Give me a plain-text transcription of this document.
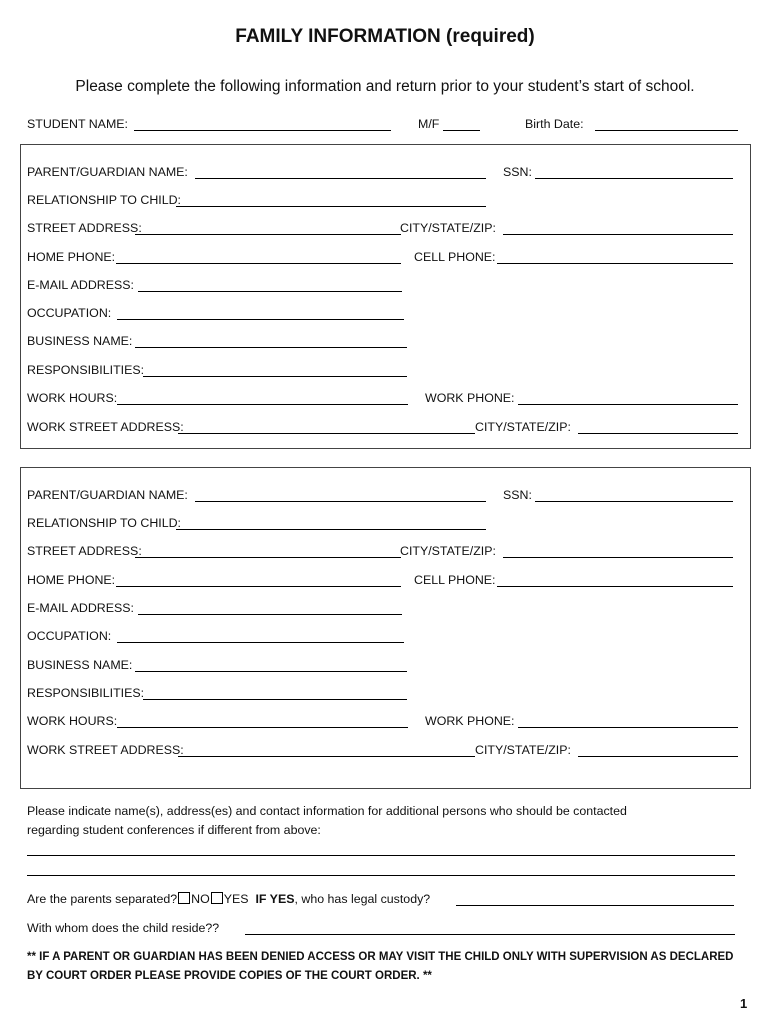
FAMILY INFORMATION (required)
Please complete the following information and return prior to your student’s start of school.
STUDENT NAME:	M/F	Birth Date:
PARENT/GUARDIAN NAME:	SSN:
RELATIONSHIP TO CHILD:
STREET ADDRESS:	CITY/STATE/ZIP:
HOME PHONE:	CELL PHONE:
E-MAIL ADDRESS:
OCCUPATION:
BUSINESS NAME:
RESPONSIBILITIES:
WORK HOURS:	WORK PHONE:
WORK STREET ADDRESS:	CITY/STATE/ZIP:
PARENT/GUARDIAN NAME:	SSN:
RELATIONSHIP TO CHILD:
STREET ADDRESS:	CITY/STATE/ZIP:
HOME PHONE:	CELL PHONE:
E-MAIL ADDRESS:
OCCUPATION:
BUSINESS NAME:
RESPONSIBILITIES:
WORK HOURS:	WORK PHONE:
WORK STREET ADDRESS:	CITY/STATE/ZIP:
Please indicate name(s), address(es) and contact information for additional persons who should be contacted
regarding student conferences if different from above:
Are the parents separated? NO YES IF YES, who has legal custody?
With whom does the child reside??
** IF A PARENT OR GUARDIAN HAS BEEN DENIED ACCESS OR MAY VISIT THE CHILD ONLY WITH SUPERVISION AS DECLARED
BY COURT ORDER PLEASE PROVIDE COPIES OF THE COURT ORDER. **
1
